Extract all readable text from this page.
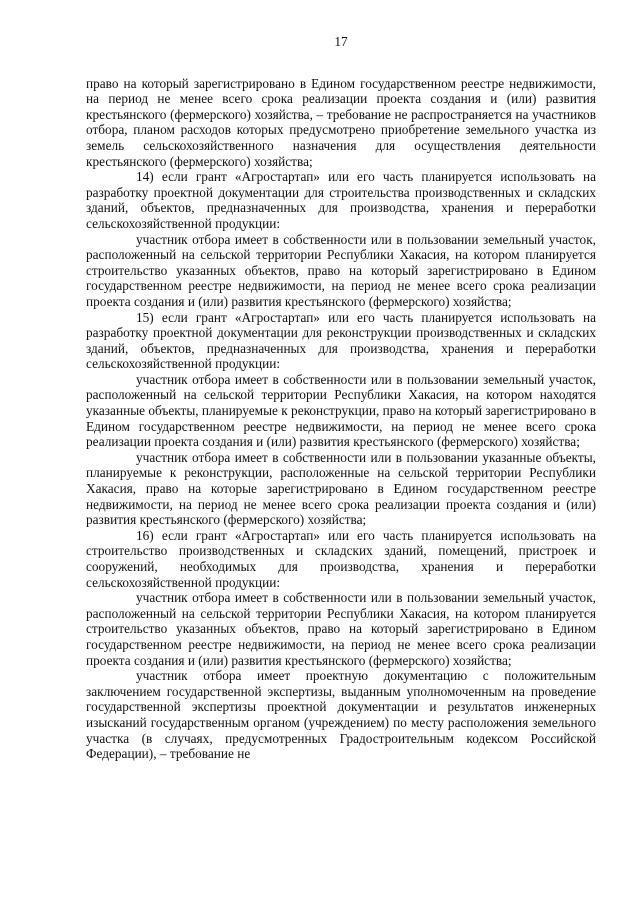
17

право на который зарегистрировано в Едином государственном реестре недвижимости, на период не менее всего срока реализации проекта создания и (или) развития крестьянского (фермерского) хозяйства, – требование не распространяется на участников отбора, планом расходов которых предусмотрено приобретение земельного участка из земель сельскохозяйственного назначения для осуществления деятельности крестьянского (фермерского) хозяйства;

14) если грант «Агростартап» или его часть планируется использовать на разработку проектной документации для строительства производственных и складских зданий, объектов, предназначенных для производства, хранения и переработки сельскохозяйственной продукции:

участник отбора имеет в собственности или в пользовании земельный участок, расположенный на сельской территории Республики Хакасия, на котором планируется строительство указанных объектов, право на который зарегистрировано в Едином государственном реестре недвижимости, на период не менее всего срока реализации проекта создания и (или) развития крестьянского (фермерского) хозяйства;

15) если грант «Агростартап» или его часть планируется использовать на разработку проектной документации для реконструкции производственных и складских зданий, объектов, предназначенных для производства, хранения и переработки сельскохозяйственной продукции:

участник отбора имеет в собственности или в пользовании земельный участок, расположенный на сельской территории Республики Хакасия, на котором находятся указанные объекты, планируемые к реконструкции, право на который зарегистрировано в Едином государственном реестре недвижимости, на период не менее всего срока реализации проекта создания и (или) развития крестьянского (фермерского) хозяйства;

участник отбора имеет в собственности или в пользовании указанные объекты, планируемые к реконструкции, расположенные на сельской территории Республики Хакасия, право на которые зарегистрировано в Едином государственном реестре недвижимости, на период не менее всего срока реализации проекта создания и (или) развития крестьянского (фермерского) хозяйства;

16) если грант «Агростартап» или его часть планируется использовать на строительство производственных и складских зданий, помещений, пристроек и сооружений, необходимых для производства, хранения и переработки сельскохозяйственной продукции:

участник отбора имеет в собственности или в пользовании земельный участок, расположенный на сельской территории Республики Хакасия, на котором планируется строительство указанных объектов, право на который зарегистрировано в Едином государственном реестре недвижимости, на период не менее всего срока реализации проекта создания и (или) развития крестьянского (фермерского) хозяйства;

участник отбора имеет проектную документацию с положительным заключением государственной экспертизы, выданным уполномоченным на проведение государственной экспертизы проектной документации и результатов инженерных изысканий государственным органом (учреждением) по месту расположения земельного участка (в случаях, предусмотренных Градостроительным кодексом Российской Федерации), – требование не
